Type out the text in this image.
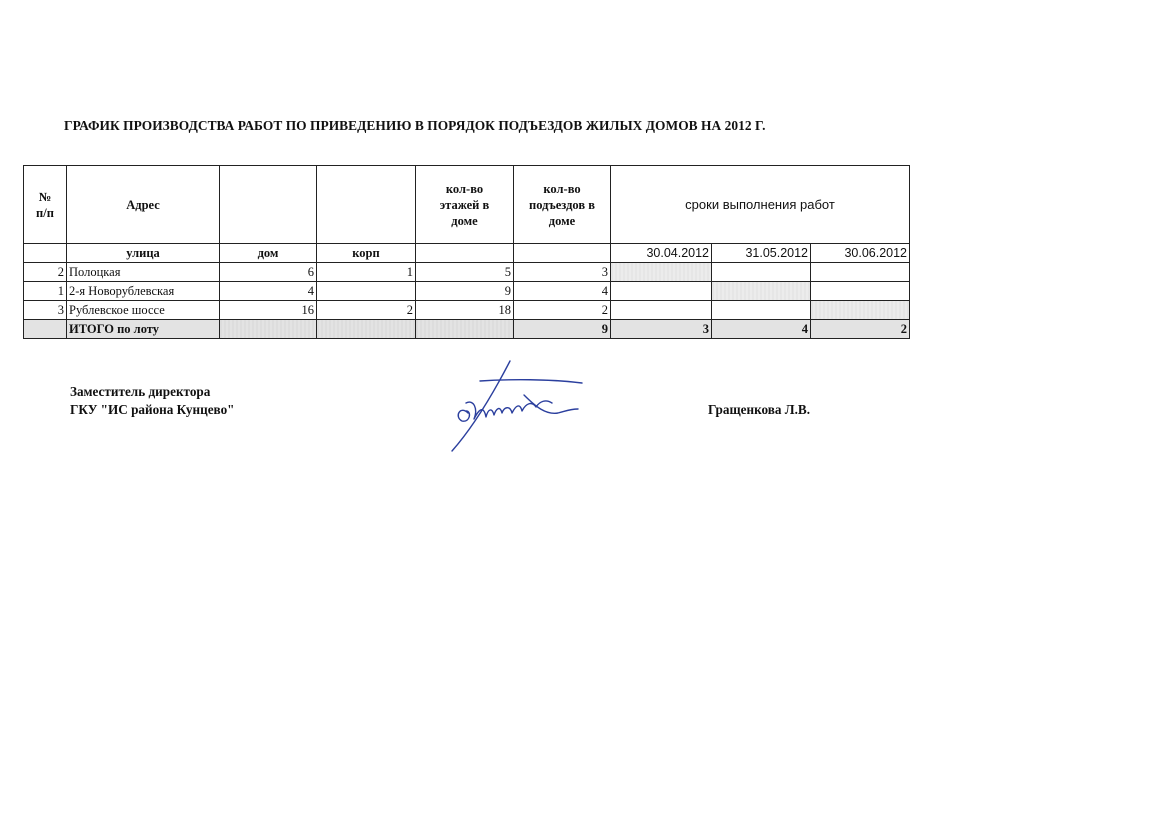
ГРАФИК ПРОИЗВОДСТВА РАБОТ ПО ПРИВЕДЕНИЮ В ПОРЯДОК ПОДЪЕЗДОВ ЖИЛЫХ ДОМОВ НА 2012 Г.
№ п/п	Адрес			кол-во этажей в доме	кол-во подъездов в доме	сроки выполнения работ		
	улица	дом	корп			30.04.2012	31.05.2012	30.06.2012
2	Полоцкая	6	1	5	3			
1	2-я Новорублевская	4		9	4			
3	Рублевское шоссе	16	2	18	2			
	ИТОГО по лоту				9	3	4	2
Заместитель директора
ГКУ "ИС района Кунцево"	Гращенкова Л.В.
